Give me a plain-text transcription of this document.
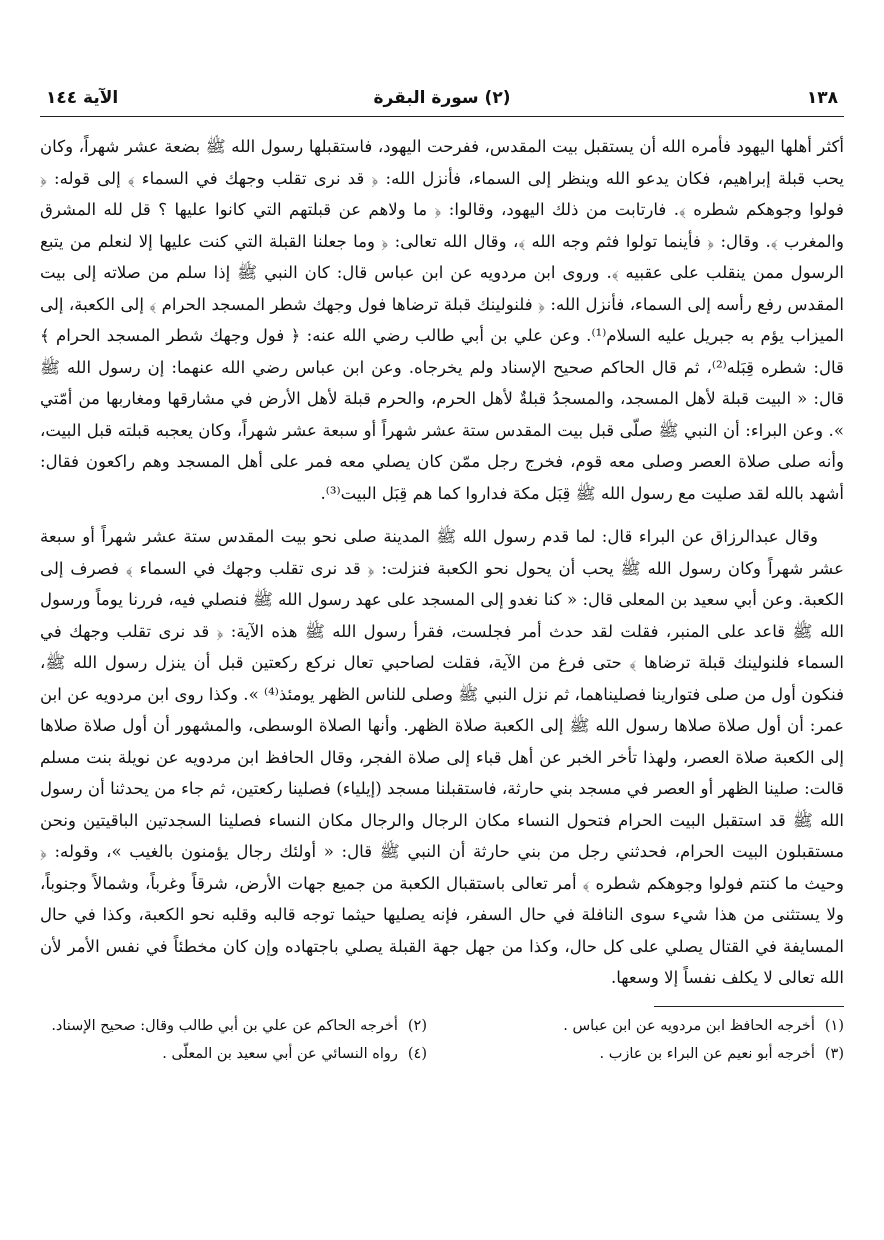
١٣٨
(٢) سورة البقرة
الآية ١٤٤

أكثر أهلها اليهود فأمره الله أن يستقبل بيت المقدس، ففرحت اليهود، فاستقبلها رسول الله ﷺ بضعة عشر شهراً، وكان يحب قبلة إبراهيم، فكان يدعو الله وينظر إلى السماء، فأنزل الله: ﴿ قد نرى تقلب وجهك في السماء ﴾ إلى قوله: ﴿ فولوا وجوهكم شطره ﴾. فارتابت من ذلك اليهود، وقالوا: ﴿ ما ولاهم عن قبلتهم التي كانوا عليها ؟ قل لله المشرق والمغرب ﴾. وقال: ﴿ فأينما تولوا فثم وجه الله ﴾، وقال الله تعالى: ﴿ وما جعلنا القبلة التي كنت عليها إلا لنعلم من يتبع الرسول ممن ينقلب على عقبيه ﴾. وروى ابن مردويه عن ابن عباس قال: كان النبي ﷺ إذا سلم من صلاته إلى بيت المقدس رفع رأسه إلى السماء، فأنزل الله: ﴿ فلنولينك قبلة ترضاها فول وجهك شطر المسجد الحرام ﴾ إلى الكعبة، إلى الميزاب يؤم به جبريل عليه السلام⁽¹⁾. وعن علي بن أبي طالب رضي الله عنه: ﴿ فول وجهك شطر المسجد الحرام ﴾ قال: شطره قِبَله⁽²⁾، ثم قال الحاكم صحيح الإسناد ولم يخرجاه. وعن ابن عباس رضي الله عنهما: إن رسول الله ﷺ قال: « البيت قبلة لأهل المسجد، والمسجدُ قبلةٌ لأهل الحرم، والحرم قبلة لأهل الأرض في مشارقها ومغاربها من أمّتي ». وعن البراء: أن النبي ﷺ صلّى قبل بيت المقدس ستة عشر شهراً أو سبعة عشر شهراً، وكان يعجبه قبلته قبل البيت، وأنه صلى صلاة العصر وصلى معه قوم، فخرج رجل ممّن كان يصلي معه فمر على أهل المسجد وهم راكعون فقال: أشهد بالله لقد صليت مع رسول الله ﷺ قِبَل مكة فداروا كما هم قِبَل البيت⁽³⁾.

وقال عبدالرزاق عن البراء قال: لما قدم رسول الله ﷺ المدينة صلى نحو بيت المقدس ستة عشر شهراً أو سبعة عشر شهراً وكان رسول الله ﷺ يحب أن يحول نحو الكعبة فنزلت: ﴿ قد نرى تقلب وجهك في السماء ﴾ فصرف إلى الكعبة. وعن أبي سعيد بن المعلى قال: « كنا نغدو إلى المسجد على عهد رسول الله ﷺ فنصلي فيه، فررنا يوماً ورسول الله ﷺ قاعد على المنبر، فقلت لقد حدث أمر فجلست، فقرأ رسول الله ﷺ هذه الآية: ﴿ قد نرى تقلب وجهك في السماء فلنولينك قبلة ترضاها ﴾ حتى فرغ من الآية، فقلت لصاحبي تعال نركع ركعتين قبل أن ينزل رسول الله ﷺ، فنكون أول من صلى فتوارينا فصليناهما، ثم نزل النبي ﷺ وصلى للناس الظهر يومئذ⁽⁴⁾ ». وكذا روى ابن مردويه عن ابن عمر: أن أول صلاة صلاها رسول الله ﷺ إلى الكعبة صلاة الظهر. وأنها الصلاة الوسطى، والمشهور أن أول صلاة صلاها إلى الكعبة صلاة العصر، ولهذا تأخر الخبر عن أهل قباء إلى صلاة الفجر، وقال الحافظ ابن مردويه عن نويلة بنت مسلم قالت: صلينا الظهر أو العصر في مسجد بني حارثة، فاستقبلنا مسجد (إيلياء) فصلينا ركعتين، ثم جاء من يحدثنا أن رسول الله ﷺ قد استقبل البيت الحرام فتحول النساء مكان الرجال والرجال مكان النساء فصلينا السجدتين الباقيتين ونحن مستقبلون البيت الحرام، فحدثني رجل من بني حارثة أن النبي ﷺ قال: « أولئك رجال يؤمنون بالغيب »، وقوله: ﴿ وحيث ما كنتم فولوا وجوهكم شطره ﴾ أمر تعالى باستقبال الكعبة من جميع جهات الأرض، شرقاً وغرباً، وشمالاً وجنوباً، ولا يستثنى من هذا شيء سوى النافلة في حال السفر، فإنه يصليها حيثما توجه قالبه وقلبه نحو الكعبة، وكذا في حال المسايفة في القتال يصلي على كل حال، وكذا من جهل جهة القبلة يصلي باجتهاده وإن كان مخطئاً في نفس الأمر لأن الله تعالى لا يكلف نفساً إلا وسعها.

(١)أخرجه الحافظ ابن مردويه عن ابن عباس .
(٢)أخرجه الحاكم عن علي بن أبي طالب وقال: صحيح الإسناد.
(٣)أخرجه أبو نعيم عن البراء بن عازب .
(٤)رواه النسائي عن أبي سعيد بن المعلّى .
